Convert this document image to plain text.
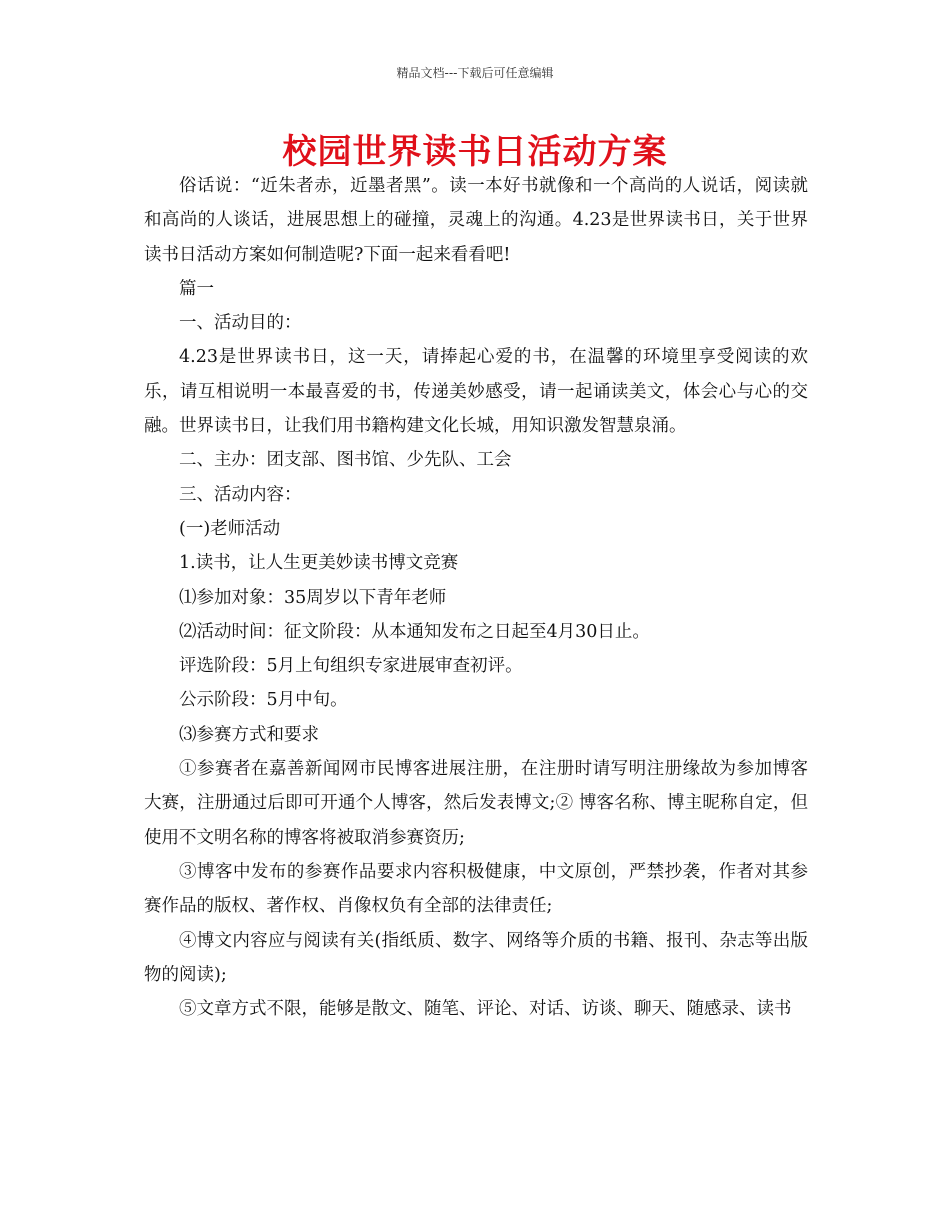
精品文档---下载后可任意编辑
校园世界读书日活动方案

俗话说：“近朱者赤，近墨者黑”。读一本好书就像和一个高尚的人说话，阅读就和高尚的人谈话，进展思想上的碰撞，灵魂上的沟通。4.23是世界读书日，关于世界读书日活动方案如何制造呢?下面一起来看看吧!

篇一

一、活动目的：

4.23是世界读书日，这一天，请捧起心爱的书，在温馨的环境里享受阅读的欢乐，请互相说明一本最喜爱的书，传递美妙感受，请一起诵读美文，体会心与心的交融。世界读书日，让我们用书籍构建文化长城，用知识激发智慧泉涌。

二、主办：团支部、图书馆、少先队、工会

三、活动内容：

(一)老师活动

1.读书，让人生更美妙读书博文竞赛

⑴参加对象：35周岁以下青年老师

⑵活动时间：征文阶段：从本通知发布之日起至4月30日止。

评选阶段：5月上旬组织专家进展审查初评。

公示阶段：5月中旬。

⑶参赛方式和要求

①参赛者在嘉善新闻网市民博客进展注册，在注册时请写明注册缘故为参加博客大赛，注册通过后即可开通个人博客，然后发表博文;② 博客名称、博主昵称自定，但使用不文明名称的博客将被取消参赛资历;

③博客中发布的参赛作品要求内容积极健康，中文原创，严禁抄袭，作者对其参赛作品的版权、著作权、肖像权负有全部的法律责任;

④博文内容应与阅读有关(指纸质、数字、网络等介质的书籍、报刊、杂志等出版物的阅读);

⑤文章方式不限，能够是散文、随笔、评论、对话、访谈、聊天、随感录、读书
